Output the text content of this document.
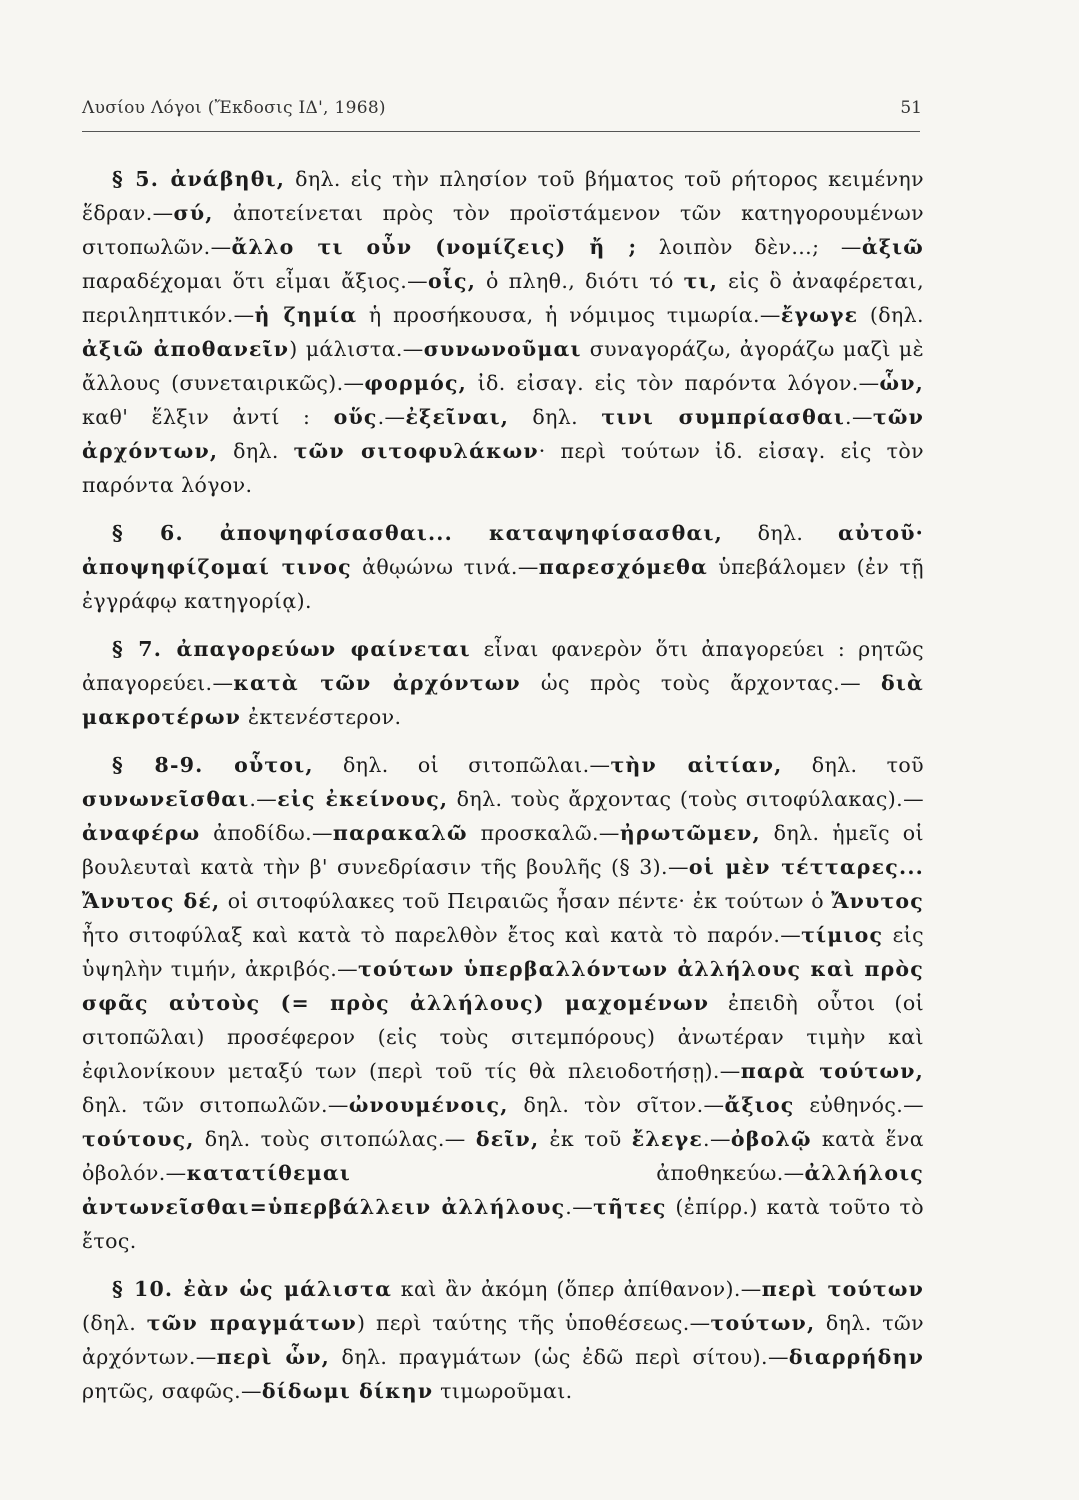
Λυσίου Λόγοι (Ἔκδοσις ΙΔ', 1968)	51

§ 5. ἀνάβηθι, δηλ. εἰς τὴν πλησίον τοῦ βήματος τοῦ ρήτορος κειμένην ἕδραν.—σύ, ἀποτείνεται πρὸς τὸν προϊστάμενον τῶν κατηγορουμένων σιτοπωλῶν.—ἄλλο τι οὖν (νομίζεις) ἤ ; λοιπὸν δὲν...; —ἀξιῶ παραδέχομαι ὅτι εἶμαι ἄξιος.—οἷς, ὁ πληθ., διότι τό τι, εἰς ὃ ἀναφέρεται, περιληπτικόν.—ἡ ζημία ἡ προσήκουσα, ἡ νόμιμος τιμωρία.—ἔγωγε (δηλ. ἀξιῶ ἀποθανεῖν) μάλιστα.—συνωνοῦμαι συναγοράζω, ἀγοράζω μαζὶ μὲ ἄλλους (συνεταιρικῶς).—φορμός, ἰδ. εἰσαγ. εἰς τὸν παρόντα λόγον.—ὧν, καθ' ἕλξιν ἀντί : οὕς.—ἐξεῖναι, δηλ. τινι συμπρίασθαι.—τῶν ἀρχόντων, δηλ. τῶν σιτοφυλάκων· περὶ τούτων ἰδ. εἰσαγ. εἰς τὸν παρόντα λόγον.

§ 6. ἀποψηφίσασθαι... καταψηφίσασθαι, δηλ. αὐτοῦ· ἀποψηφίζομαί τινος ἀθῳώνω τινά.—παρεσχόμεθα ὑπεβάλομεν (ἐν τῇ ἐγγράφῳ κατηγορίᾳ).

§ 7. ἀπαγορεύων φαίνεται εἶναι φανερὸν ὅτι ἀπαγορεύει : ρητῶς ἀπαγορεύει.—κατὰ τῶν ἀρχόντων ὡς πρὸς τοὺς ἄρχοντας.— διὰ μακροτέρων ἐκτενέστερον.

§ 8-9. οὗτοι, δηλ. οἱ σιτοπῶλαι.—τὴν αἰτίαν, δηλ. τοῦ συνωνεῖσθαι.—εἰς ἐκείνους, δηλ. τοὺς ἄρχοντας (τοὺς σιτοφύλακας).— ἀναφέρω ἀποδίδω.—παρακαλῶ προσκαλῶ.—ἠρωτῶμεν, δηλ. ἡμεῖς οἱ βουλευταὶ κατὰ τὴν β' συνεδρίασιν τῆς βουλῆς (§ 3).—οἱ μὲν τέτταρες... Ἄνυτος δέ, οἱ σιτοφύλακες τοῦ Πειραιῶς ἦσαν πέντε· ἐκ τούτων ὁ Ἄνυτος ἦτο σιτοφύλαξ καὶ κατὰ τὸ παρελθὸν ἔτος καὶ κατὰ τὸ παρόν.—τίμιος εἰς ὑψηλὴν τιμήν, ἀκριβός.—τούτων ὑπερβαλλόντων ἀλλήλους καὶ πρὸς σφᾶς αὐτοὺς (= πρὸς ἀλλήλους) μαχομένων ἐπειδὴ οὗτοι (οἱ σιτοπῶλαι) προσέφερον (εἰς τοὺς σιτεμπόρους) ἀνωτέραν τιμὴν καὶ ἐφιλονίκουν μεταξύ των (περὶ τοῦ τίς θὰ πλειοδοτήσῃ).—παρὰ τούτων, δηλ. τῶν σιτοπωλῶν.—ὠνουμένοις, δηλ. τὸν σῖτον.—ἄξιος εὐθηνός.—τούτους, δηλ. τοὺς σιτοπώλας.— δεῖν, ἐκ τοῦ ἔλεγε.—ὀβολῷ κατὰ ἕνα ὀβολόν.—κατατίθεμαι ἀποθηκεύω.—ἀλλήλοις ἀντωνεῖσθαι=ὑπερβάλλειν ἀλλήλους.—τῆτες (ἐπίρρ.) κατὰ τοῦτο τὸ ἔτος.

§ 10. ἐὰν ὡς μάλιστα καὶ ἂν ἀκόμη (ὅπερ ἀπίθανον).—περὶ τούτων (δηλ. τῶν πραγμάτων) περὶ ταύτης τῆς ὑποθέσεως.—τούτων, δηλ. τῶν ἀρχόντων.—περὶ ὧν, δηλ. πραγμάτων (ὡς ἐδῶ περὶ σίτου).—διαρρήδην ρητῶς, σαφῶς.—δίδωμι δίκην τιμωροῦμαι.
